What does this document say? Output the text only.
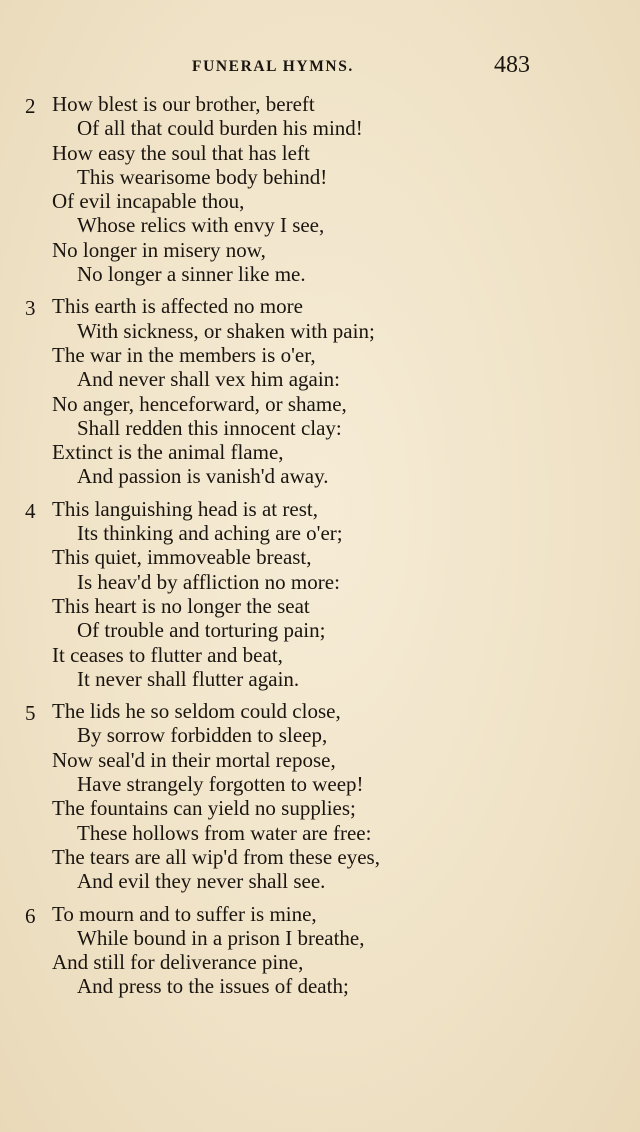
FUNERAL HYMNS.	483
2 How blest is our brother, bereft
Of all that could burden his mind!
How easy the soul that has left
This wearisome body behind!
Of evil incapable thou,
Whose relics with envy I see,
No longer in misery now,
No longer a sinner like me.
3 This earth is affected no more
With sickness, or shaken with pain;
The war in the members is o'er,
And never shall vex him again:
No anger, henceforward, or shame,
Shall redden this innocent clay:
Extinct is the animal flame,
And passion is vanish'd away.
4 This languishing head is at rest,
Its thinking and aching are o'er;
This quiet, immoveable breast,
Is heav'd by affliction no more:
This heart is no longer the seat
Of trouble and torturing pain;
It ceases to flutter and beat,
It never shall flutter again.
5 The lids he so seldom could close,
By sorrow forbidden to sleep,
Now seal'd in their mortal repose,
Have strangely forgotten to weep!
The fountains can yield no supplies;
These hollows from water are free:
The tears are all wip'd from these eyes,
And evil they never shall see.
6 To mourn and to suffer is mine,
While bound in a prison I breathe,
And still for deliverance pine,
And press to the issues of death;
